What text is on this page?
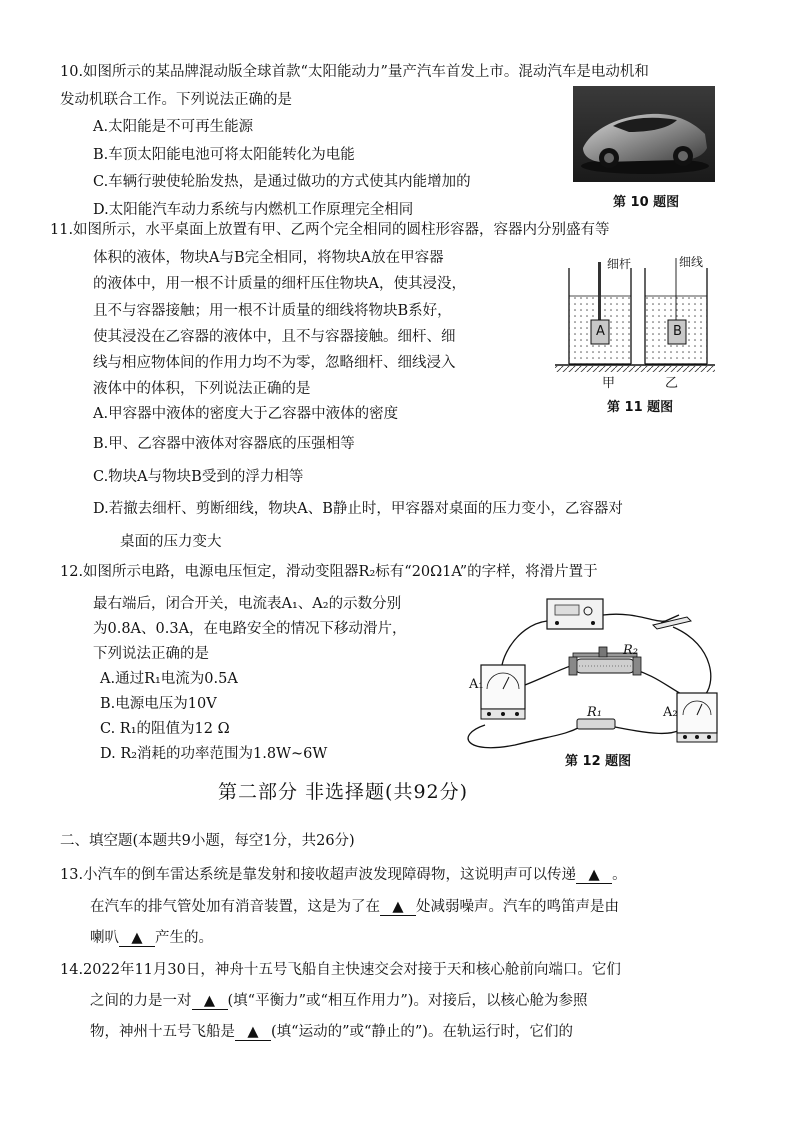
10.如图所示的某品牌混动版全球首款“太阳能动力”量产汽车首发上市。混动汽车是电动机和
发动机联合工作。下列说法正确的是
A.太阳能是不可再生能源
B.车顶太阳能电池可将太阳能转化为电能
C.车辆行驶使轮胎发热，是通过做功的方式使其内能增加的
D.太阳能汽车动力系统与内燃机工作原理完全相同	第 10 题图
11.如图所示，水平桌面上放置有甲、乙两个完全相同的圆柱形容器，容器内分别盛有等
体积的液体，物块A与B完全相同，将物块A放在甲容器
的液体中，用一根不计质量的细杆压住物块A，使其浸没，
且不与容器接触；用一根不计质量的细线将物块B系好，
使其浸没在乙容器的液体中，且不与容器接触。细杆、细
线与相应物体间的作用力均不为零，忽略细杆、细线浸入
液体中的体积，下列说法正确的是
A.甲容器中液体的密度大于乙容器中液体的密度
B.甲、乙容器中液体对容器底的压强相等
C.物块A与物块B受到的浮力相等
D.若撤去细杆、剪断细线，物块A、B静止时，甲容器对桌面的压力变小，乙容器对
桌面的压力变大
细杆	细线
A	B
甲	乙
第 11 题图
12.如图所示电路，电源电压恒定，滑动变阻器R₂标有“20Ω1A”的字样，将滑片置于
最右端后，闭合开关，电流表A₁、A₂的示数分别
为0.8A、0.3A，在电路安全的情况下移动滑片，
下列说法正确的是
A.通过R₁电流为0.5A
B.电源电压为10V
C. R₁的阻值为12 Ω
D. R₂消耗的功率范围为1.8W~6W
A₁
A₂
R₁
R₂
第 12 题图
第二部分 非选择题(共92分)
二、填空题(本题共9小题，每空1分，共26分)
13.小汽车的倒车雷达系统是靠发射和接收超声波发现障碍物，这说明声可以传递 ▲ 。
在汽车的排气管处加有消音装置，这是为了在 ▲ 处减弱噪声。汽车的鸣笛声是由
喇叭 ▲ 产生的。
14.2022年11月30日，神舟十五号飞船自主快速交会对接于天和核心舱前向端口。它们
之间的力是一对 ▲ (填“平衡力”或“相互作用力”)。对接后，以核心舱为参照
物，神州十五号飞船是 ▲ (填“运动的”或“静止的”)。在轨运行时，它们的
